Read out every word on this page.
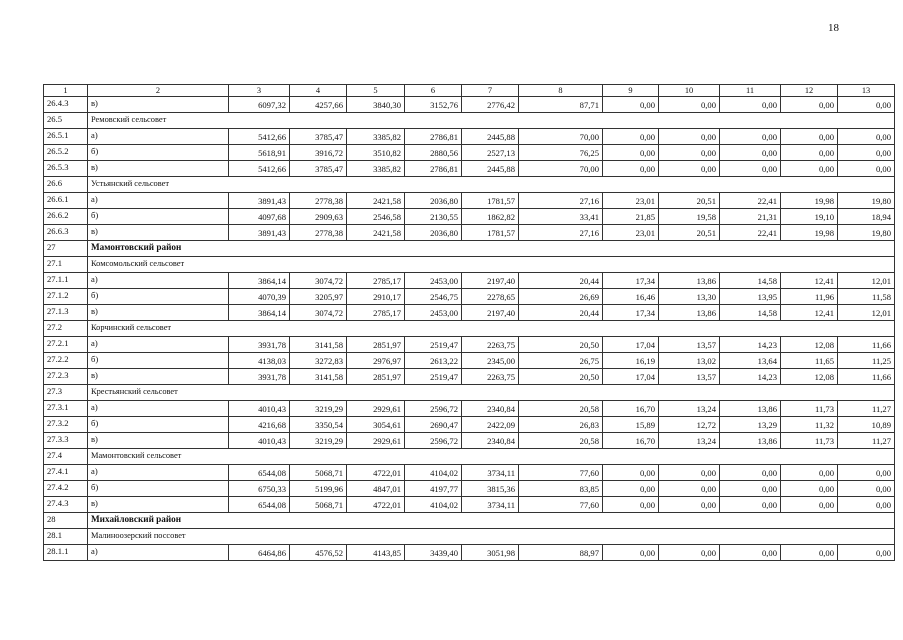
18
1	2	3	4	5	6	7	8	9	10	11	12	13
26.4.3	в)	6097,32	4257,66	3840,30	3152,76	2776,42	87,71	0,00	0,00	0,00	0,00	0,00
26.5	Ремовский сельсовет											
26.5.1	а)	5412,66	3785,47	3385,82	2786,81	2445,88	70,00	0,00	0,00	0,00	0,00	0,00
26.5.2	б)	5618,91	3916,72	3510,82	2880,56	2527,13	76,25	0,00	0,00	0,00	0,00	0,00
26.5.3	в)	5412,66	3785,47	3385,82	2786,81	2445,88	70,00	0,00	0,00	0,00	0,00	0,00
26.6	Устьянский сельсовет											
26.6.1	а)	3891,43	2778,38	2421,58	2036,80	1781,57	27,16	23,01	20,51	22,41	19,98	19,80
26.6.2	б)	4097,68	2909,63	2546,58	2130,55	1862,82	33,41	21,85	19,58	21,31	19,10	18,94
26.6.3	в)	3891,43	2778,38	2421,58	2036,80	1781,57	27,16	23,01	20,51	22,41	19,98	19,80
27	Мамонтовский район											
27.1	Комсомольский сельсовет											
27.1.1	а)	3864,14	3074,72	2785,17	2453,00	2197,40	20,44	17,34	13,86	14,58	12,41	12,01
27.1.2	б)	4070,39	3205,97	2910,17	2546,75	2278,65	26,69	16,46	13,30	13,95	11,96	11,58
27.1.3	в)	3864,14	3074,72	2785,17	2453,00	2197,40	20,44	17,34	13,86	14,58	12,41	12,01
27.2	Корчинский сельсовет											
27.2.1	а)	3931,78	3141,58	2851,97	2519,47	2263,75	20,50	17,04	13,57	14,23	12,08	11,66
27.2.2	б)	4138,03	3272,83	2976,97	2613,22	2345,00	26,75	16,19	13,02	13,64	11,65	11,25
27.2.3	в)	3931,78	3141,58	2851,97	2519,47	2263,75	20,50	17,04	13,57	14,23	12,08	11,66
27.3	Крестьянский сельсовет											
27.3.1	а)	4010,43	3219,29	2929,61	2596,72	2340,84	20,58	16,70	13,24	13,86	11,73	11,27
27.3.2	б)	4216,68	3350,54	3054,61	2690,47	2422,09	26,83	15,89	12,72	13,29	11,32	10,89
27.3.3	в)	4010,43	3219,29	2929,61	2596,72	2340,84	20,58	16,70	13,24	13,86	11,73	11,27
27.4	Мамонтовский сельсовет											
27.4.1	а)	6544,08	5068,71	4722,01	4104,02	3734,11	77,60	0,00	0,00	0,00	0,00	0,00
27.4.2	б)	6750,33	5199,96	4847,01	4197,77	3815,36	83,85	0,00	0,00	0,00	0,00	0,00
27.4.3	в)	6544,08	5068,71	4722,01	4104,02	3734,11	77,60	0,00	0,00	0,00	0,00	0,00
28	Михайловский район											
28.1	Малиноозерский поссовет											
28.1.1	а)	6464,86	4576,52	4143,85	3439,40	3051,98	88,97	0,00	0,00	0,00	0,00	0,00
